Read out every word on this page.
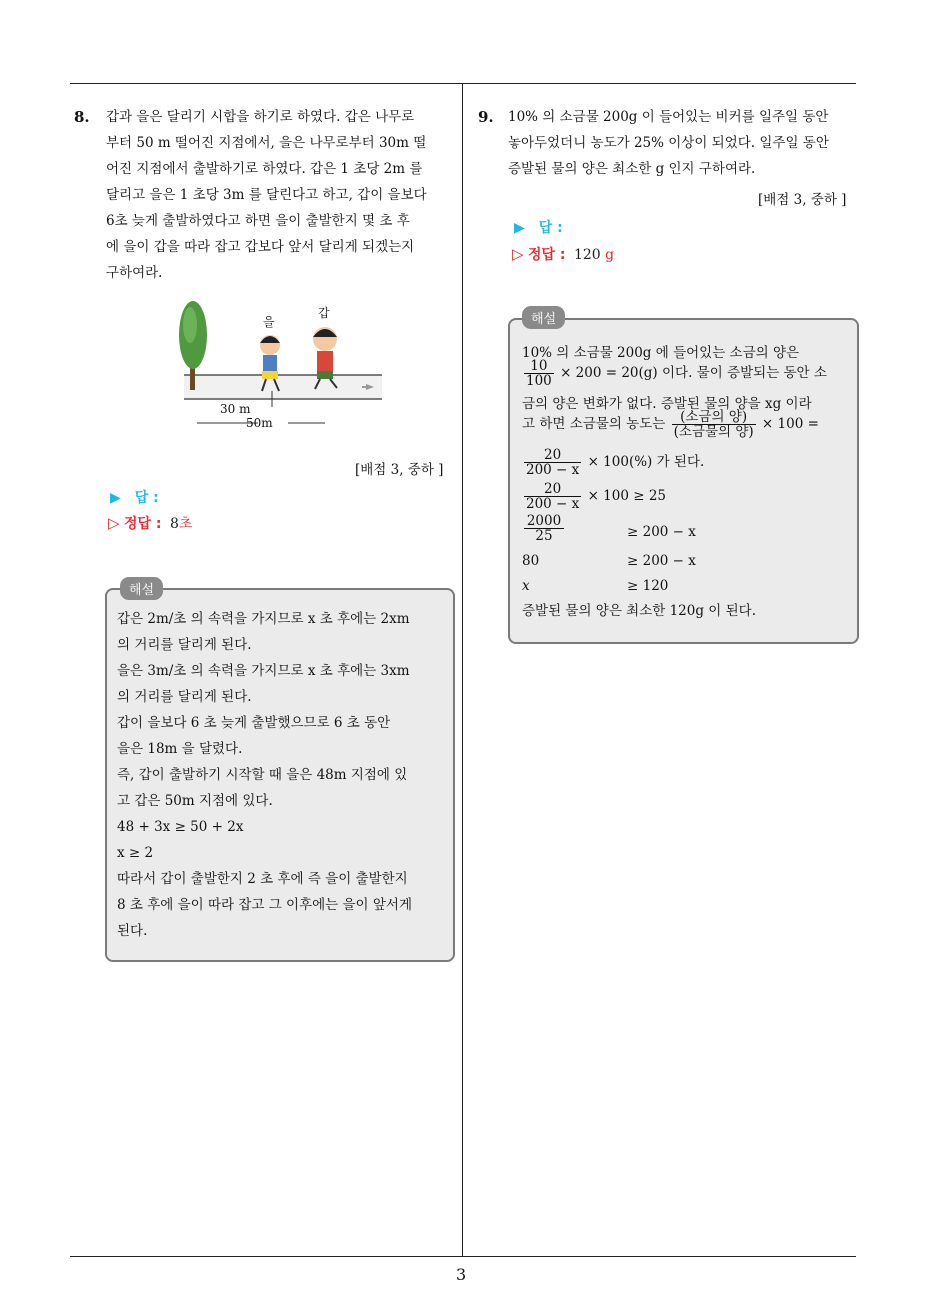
8. 갑과 을은 달리기 시합을 하기로 하였다. 갑은 나무로
부터 50 m 떨어진 지점에서, 을은 나무로부터 30m 떨
어진 지점에서 출발하기로 하였다. 갑은 1 초당 2m 를
달리고 을은 1 초당 3m 를 달린다고 하고, 갑이 을보다
6초 늦게 출발하였다고 하면 을이 출발한지 몇 초 후
에 을이 갑을 따라 잡고 갑보다 앞서 달리게 되겠는지
구하여라.
을
갑
30 m
50m
[배점 3, 중하 ]
▶ 답 :
▷ 정답 : 8초
해설
갑은 2m/초 의 속력을 가지므로 x 초 후에는 2xm
의 거리를 달리게 된다.
을은 3m/초 의 속력을 가지므로 x 초 후에는 3xm
의 거리를 달리게 된다.
갑이 을보다 6 초 늦게 출발했으므로 6 초 동안
을은 18m 을 달렸다.
즉, 갑이 출발하기 시작할 때 을은 48m 지점에 있
고 갑은 50m 지점에 있다.
48 + 3x ≥ 50 + 2x
x ≥ 2
따라서 갑이 출발한지 2 초 후에 즉 을이 출발한지
8 초 후에 을이 따라 잡고 그 이후에는 을이 앞서게
된다.
9. 10% 의 소금물 200g 이 들어있는 비커를 일주일 동안
놓아두었더니 농도가 25% 이상이 되었다. 일주일 동안
증발된 물의 양은 최소한 g 인지 구하여라.
[배점 3, 중하 ]
▶ 답 :
▷ 정답 : 120 g
해설
10% 의 소금물 200g 에 들어있는 소금의 양은
$\frac{10}{100} \times 200 = 20(g)$ 이다. 물이 증발되는 동안 소
금의 양은 변화가 없다. 증발된 물의 양을 xg 이라
고 하면 소금물의 농도는 $\frac{\text{(소금의 양)}}{\text{(소금물의 양)}} \times 100$ =
$\frac{20}{200 - x} \times 100(\%)$ 가 된다.
$\frac{20}{200 - x} \times 100 \ge 25$
$\frac{2000}{25}$	≥ 200 − x
80	≥ 200 − x
x	≥ 120
증발된 물의 양은 최소한 120g 이 된다.
3
